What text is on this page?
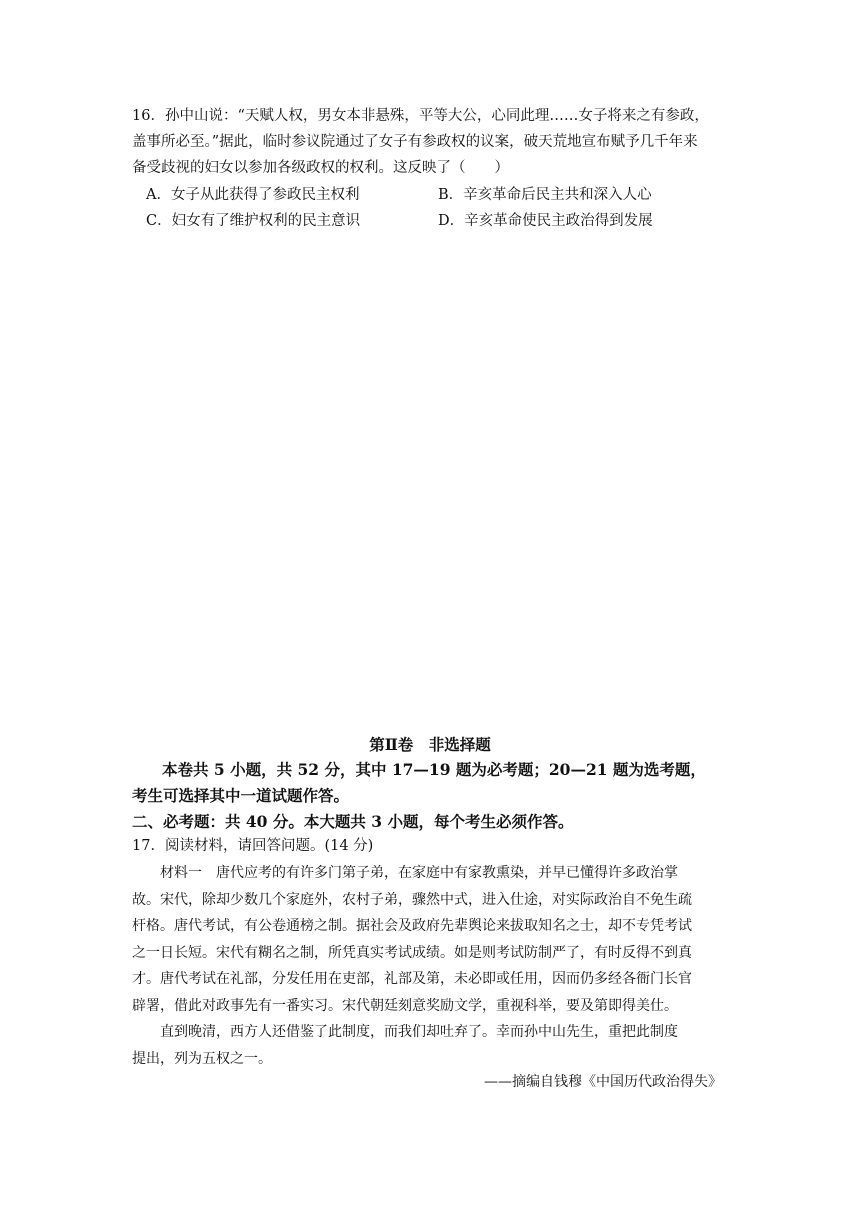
16．孙中山说：“天赋人权，男女本非悬殊，平等大公，心同此理……女子将来之有参政，
盖事所必至。”据此，临时参议院通过了女子有参政权的议案，破天荒地宣布赋予几千年来
备受歧视的妇女以参加各级政权的权利。这反映了（　　）
A．女子从此获得了参政民主权利	B．辛亥革命后民主共和深入人心
C．妇女有了维护权利的民主意识	D．辛亥革命使民主政治得到发展
第Ⅱ卷　非选择题
本卷共 5 小题，共 52 分，其中 17—19 题为必考题；20—21 题为选考题，
考生可选择其中一道试题作答。
二、必考题：共 40 分。本大题共 3 小题，每个考生必须作答。
17．阅读材料，请回答问题。(14 分)
材料一　唐代应考的有许多门第子弟，在家庭中有家教熏染，并早已懂得许多政治掌
故。宋代，除却少数几个家庭外，农村子弟，骤然中式，进入仕途，对实际政治自不免生疏
杆格。唐代考试，有公卷通榜之制。据社会及政府先辈舆论来拔取知名之士，却不专凭考试
之一日长短。宋代有糊名之制，所凭真实考试成绩。如是则考试防制严了，有时反得不到真
才。唐代考试在礼部，分发任用在吏部，礼部及第，未必即或任用，因而仍多经各衙门长官
辟署，借此对政事先有一番实习。宋代朝廷刻意奖励文学，重视科举，要及第即得美仕。
直到晚清，西方人还借鉴了此制度，而我们却吐弃了。幸而孙中山先生，重把此制度
提出，列为五权之一。
——摘编自钱穆《中国历代政治得失》
